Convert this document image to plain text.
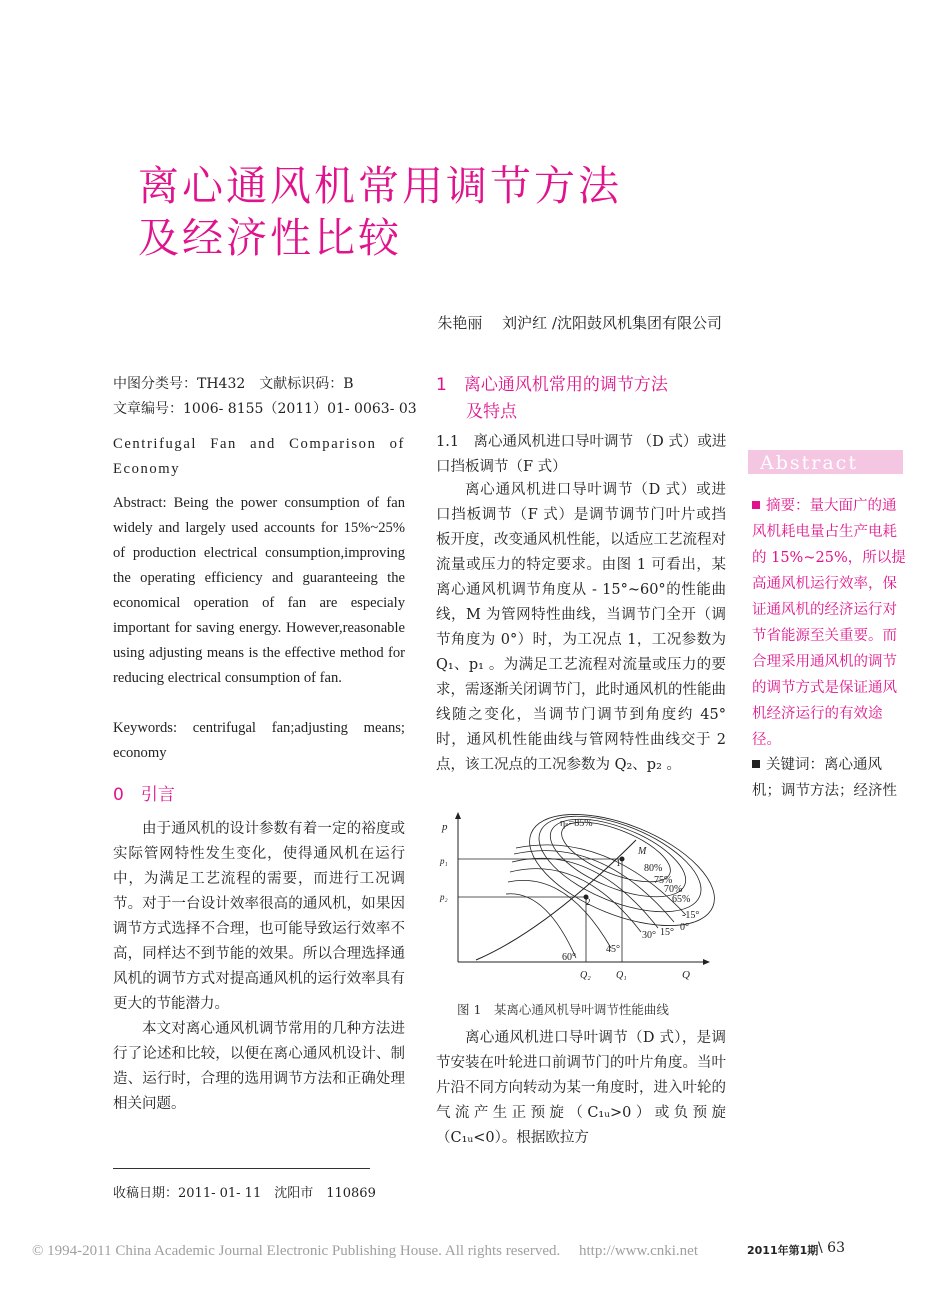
离心通风机常用调节方法
及经济性比较
朱艳丽　 刘沪红 /沈阳鼓风机集团有限公司
中图分类号：TH432　文献标识码：B
文章编号：1006- 8155（2011）01- 0063- 03
Centrifugal Fan and Comparison of Economy
Abstract: Being the power consumption of fan widely and largely used accounts for 15%~25% of production electrical consumption,improving the operating efficiency and guaranteeing the economical operation of fan are especialy important for saving energy. However,reasonable using adjusting means is the effective method for reducing electrical consumption of fan.
Keywords: centrifugal fan;adjusting means; economy
0　引言

由于通风机的设计参数有着一定的裕度或实际管网特性发生变化，使得通风机在运行中，为满足工艺流程的需要，而进行工况调节。对于一台设计效率很高的通风机，如果因调节方式选择不合理，也可能导致运行效率不高，同样达不到节能的效果。所以合理选择通风机的调节方式对提高通风机的运行效率具有更大的节能潜力。

本文对离心通风机调节常用的几种方法进行了论述和比较，以便在离心通风机设计、制造、运行时，合理的选用调节方法和正确处理相关问题。

收稿日期：2011- 01- 11　沈阳市　110869
1　离心通风机常用的调节方法
及特点
1.1　离心通风机进口导叶调节 （D 式）或进口挡板调节（F 式）

离心通风机进口导叶调节（D 式）或进口挡板调节（F 式）是调节调节门叶片或挡板开度，改变通风机性能，以适应工艺流程对流量或压力的特定要求。由图 1 可看出，某离心通风机调节角度从 - 15°~60°的性能曲线，M 为管网特性曲线，当调节门全开（调节角度为 0°）时，为工况点 1，工况参数为 Q₁、p₁ 。为满足工艺流程对流量或压力的要求，需逐渐关闭调节门，此时通风机的性能曲线随之变化，当调节门调节到角度约 45°时，通风机性能曲线与管网特性曲线交于 2 点，该工况点的工况参数为 Q₂、p₂ 。

p
p₁
p₂
Q
Q₁
Q₂
ηₛ=85%
M
1
2
80%
75%
70%
65%
-15°
0°
15°
30°
45°
60°
图 1　某离心通风机导叶调节性能曲线

离心通风机进口导叶调节（D 式），是调节安装在叶轮进口前调节门的叶片角度。当叶片沿不同方向转动为某一角度时，进入叶轮的气流产生正预旋（C₁ᵤ>0）或负预旋（C₁ᵤ<0）。根据欧拉方

Abstract
摘要：量大面广的通风机耗电量占生产电耗的 15%~25%，所以提高通风机运行效率，保证通风机的经济运行对节省能源至关重要。而合理采用通风机的调节的调节方式是保证通风机经济运行的有效途径。
关键词：离心通风机；调节方法；经济性
© 1994-2011 China Academic Journal Electronic Publishing House. All rights reserved.　 http://www.cnki.net	2011年第1期 \ 63
